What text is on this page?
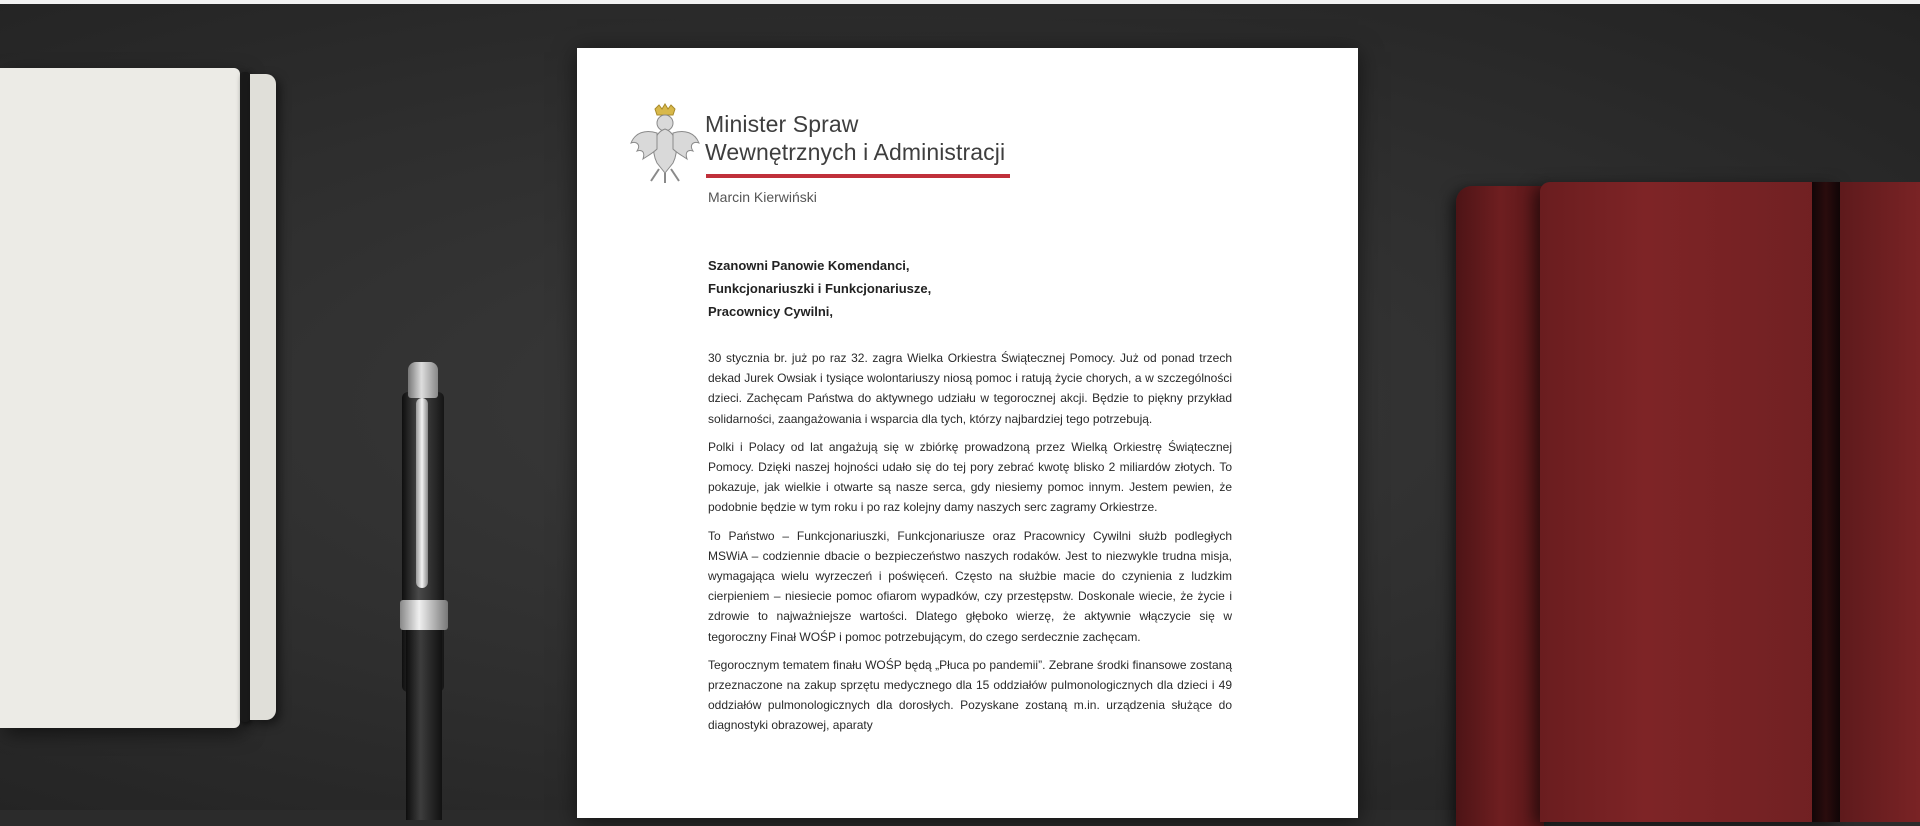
Minister Spraw
Wewnętrznych i Administracji
Marcin Kierwiński
Szanowni Panowie Komendanci,
Funkcjonariuszki i Funkcjonariusze,
Pracownicy Cywilni,

30 stycznia br. już po raz 32. zagra Wielka Orkiestra Świątecznej Pomocy. Już od ponad trzech dekad Jurek Owsiak i tysiące wolontariuszy niosą pomoc i ratują życie chorych, a w szczególności dzieci. Zachęcam Państwa do aktywnego udziału w tegorocznej akcji. Będzie to piękny przykład solidarności, zaangażowania i wsparcia dla tych, którzy najbardziej tego potrzebują.

Polki i Polacy od lat angażują się w zbiórkę prowadzoną przez Wielką Orkiestrę Świątecznej Pomocy. Dzięki naszej hojności udało się do tej pory zebrać kwotę blisko 2 miliardów złotych. To pokazuje, jak wielkie i otwarte są nasze serca, gdy niesiemy pomoc innym. Jestem pewien, że podobnie będzie w tym roku i po raz kolejny damy naszych serc zagramy Orkiestrze.

To Państwo – Funkcjonariuszki, Funkcjonariusze oraz Pracownicy Cywilni służb podległych MSWiA – codziennie dbacie o bezpieczeństwo naszych rodaków. Jest to niezwykle trudna misja, wymagająca wielu wyrzeczeń i poświęceń. Często na służbie macie do czynienia z ludzkim cierpieniem – niesiecie pomoc ofiarom wypadków, czy przestępstw. Doskonale wiecie, że życie i zdrowie to najważniejsze wartości. Dlatego głęboko wierzę, że aktywnie włączycie się w tegoroczny Finał WOŚP i pomoc potrzebującym, do czego serdecznie zachęcam.

Tegorocznym tematem finału WOŚP będą „Płuca po pandemii”. Zebrane środki finansowe zostaną przeznaczone na zakup sprzętu medycznego dla 15 oddziałów pulmonologicznych dla dzieci i 49 oddziałów pulmonologicznych dla dorosłych. Pozyskane zostaną m.in. urządzenia służące do diagnostyki obrazowej, aparaty
